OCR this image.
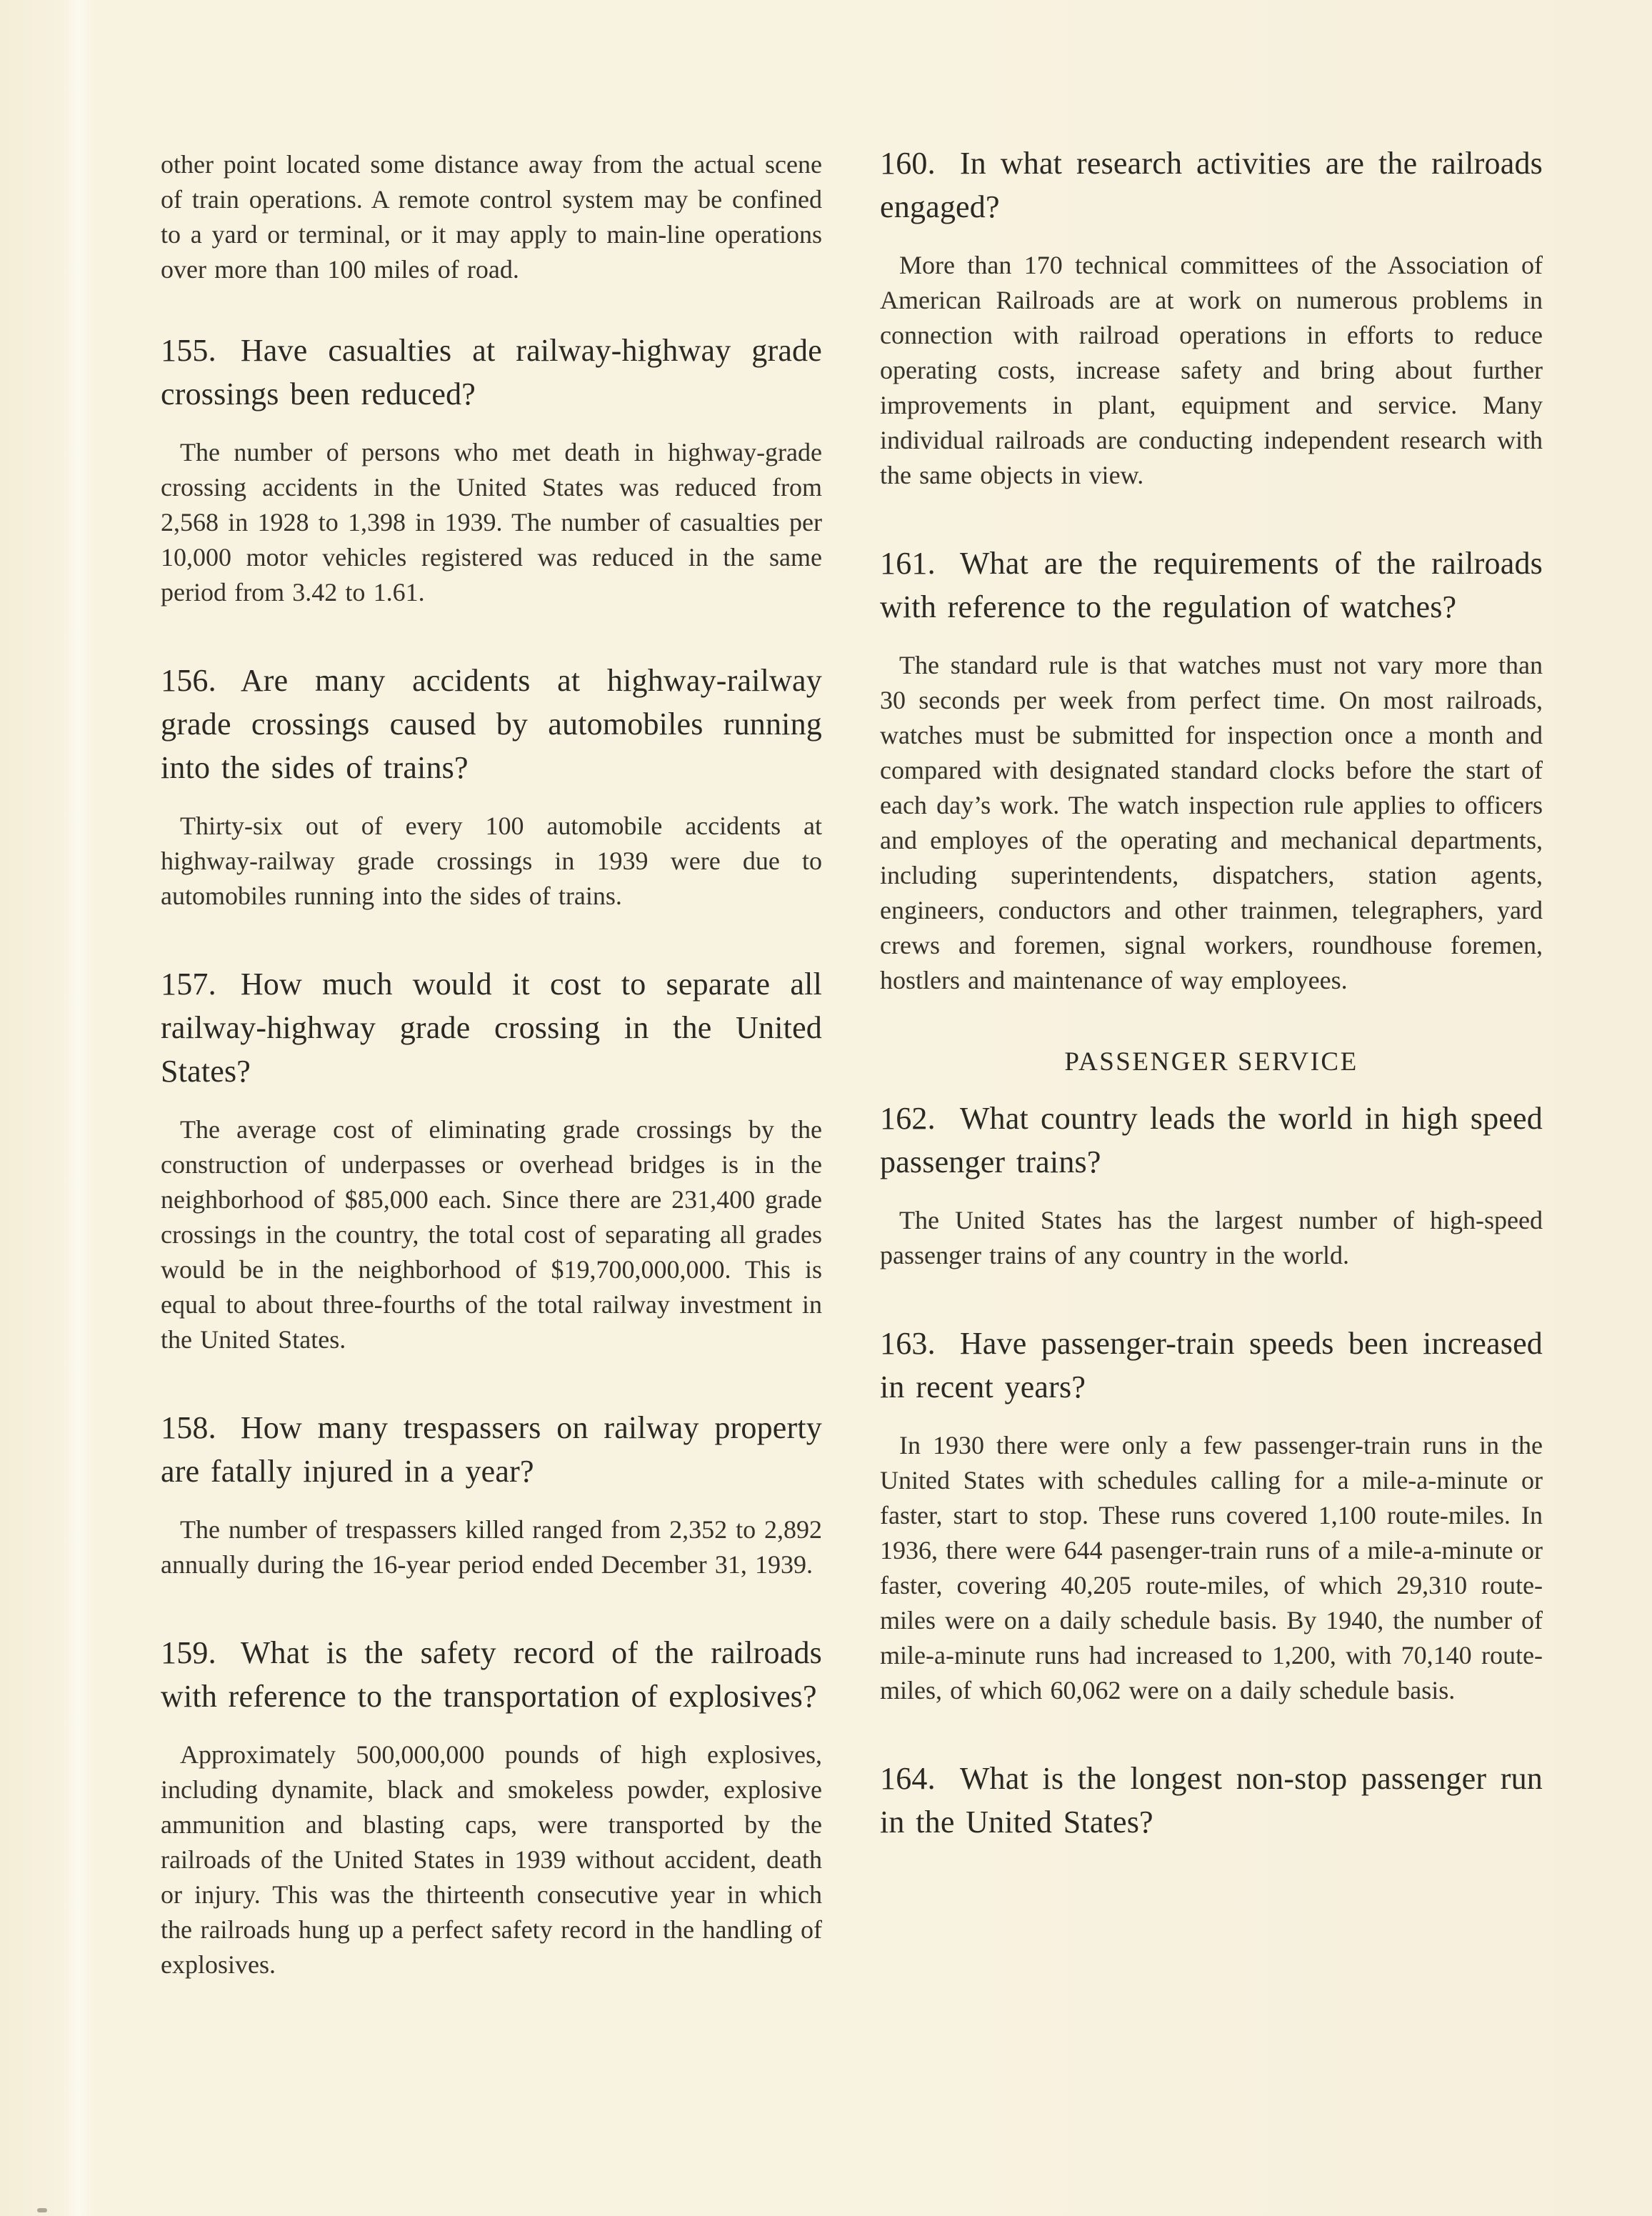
other point located some distance away from the actual scene of train operations. A remote control system may be confined to a yard or terminal, or it may apply to main-line operations over more than 100 miles of road.

155. Have casualties at railway-highway grade crossings been reduced?

The number of persons who met death in highway-grade crossing accidents in the United States was reduced from 2,568 in 1928 to 1,398 in 1939. The number of casualties per 10,000 motor vehicles registered was reduced in the same period from 3.42 to 1.61.

156. Are many accidents at highway-railway grade crossings caused by automobiles running into the sides of trains?

Thirty-six out of every 100 automobile accidents at highway-railway grade crossings in 1939 were due to automobiles running into the sides of trains.

157. How much would it cost to separate all railway-highway grade crossing in the United States?

The average cost of eliminating grade crossings by the construction of underpasses or overhead bridges is in the neighborhood of $85,000 each. Since there are 231,400 grade crossings in the country, the total cost of separating all grades would be in the neighborhood of $19,700,000,000. This is equal to about three-fourths of the total railway investment in the United States.

158. How many trespassers on railway property are fatally injured in a year?

The number of trespassers killed ranged from 2,352 to 2,892 annually during the 16-year period ended December 31, 1939.

159. What is the safety record of the railroads with reference to the transportation of explosives?

Approximately 500,000,000 pounds of high explosives, including dynamite, black and smokeless powder, explosive ammunition and blasting caps, were transported by the railroads of the United States in 1939 without accident, death or injury. This was the thirteenth consecutive year in which the railroads hung up a perfect safety record in the handling of explosives.

160. In what research activities are the railroads engaged?

More than 170 technical committees of the Association of American Railroads are at work on numerous problems in connection with railroad operations in efforts to reduce operating costs, increase safety and bring about further improvements in plant, equipment and service. Many individual railroads are conducting independent research with the same objects in view.

161. What are the requirements of the railroads with reference to the regulation of watches?

The standard rule is that watches must not vary more than 30 seconds per week from perfect time. On most railroads, watches must be submitted for inspection once a month and compared with designated standard clocks before the start of each day’s work. The watch inspection rule applies to officers and employes of the operating and mechanical departments, including superintendents, dispatchers, station agents, engineers, conductors and other trainmen, telegraphers, yard crews and foremen, signal workers, roundhouse foremen, hostlers and maintenance of way employees.

PASSENGER SERVICE
162. What country leads the world in high speed passenger trains?

The United States has the largest number of high-speed passenger trains of any country in the world.

163. Have passenger-train speeds been increased in recent years?

In 1930 there were only a few passenger-train runs in the United States with schedules calling for a mile-a-minute or faster, start to stop. These runs covered 1,100 route-miles. In 1936, there were 644 pasenger-train runs of a mile-a-minute or faster, covering 40,205 route-miles, of which 29,310 route-miles were on a daily schedule basis. By 1940, the number of mile-a-minute runs had increased to 1,200, with 70,140 route-miles, of which 60,062 were on a daily schedule basis.

164. What is the longest non-stop passenger run in the United States?
